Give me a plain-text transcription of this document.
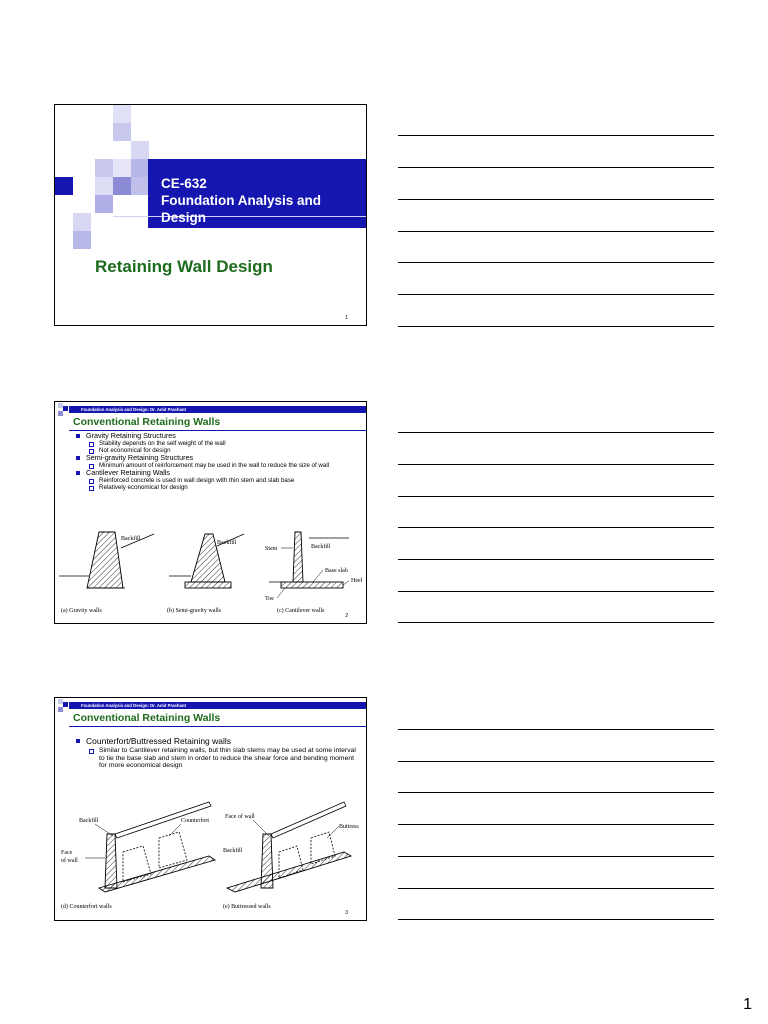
CE-632
Foundation Analysis and
Design
Retaining Wall Design
1
Foundation Analysis and Design: Dr. Amit Prashant
Conventional Retaining Walls
Gravity Retaining Structures
Stability depends on the self weight of the wall
Not economical for design
Semi-gravity Retaining Structures
Minimum amount of reinforcement may be used in the wall to reduce the size of wall
Cantilever Retaining Walls
Reinforced concrete is used in wall design with thin stem and slab base
Relatively economical for design
Backfill
(a) Gravity walls
Backfill
(b) Semi-gravity walls
Stem	Backfill
Base slab
Heel
Toe
(c) Cantilever walls
2
Foundation Analysis and Design: Dr. Amit Prashant
Conventional Retaining Walls
Counterfort/Buttressed Retaining walls
Similar to Cantilever retaining walls, but thin slab stems may be used at some interval to tie the base slab and stem in order to reduce the shear force and bending moment for more economical design
Backfill	Counterfort
Face
of wall
(d) Counterfort walls
Face of wall
Buttress
Backfill
(e) Buttressed walls
3
1
